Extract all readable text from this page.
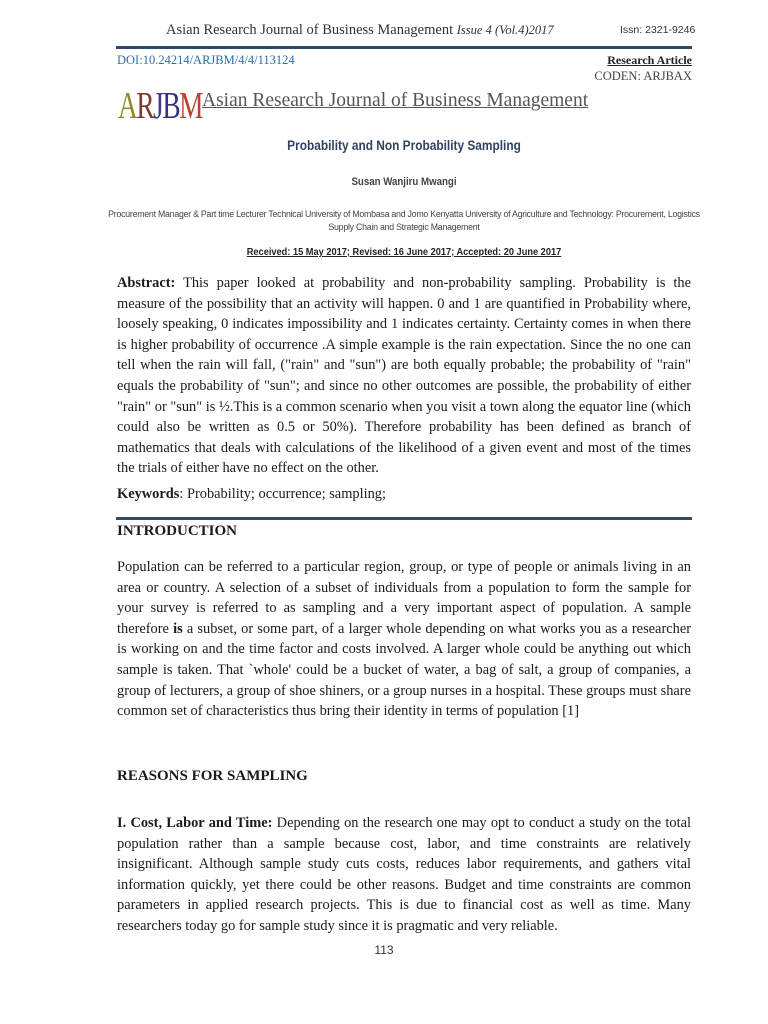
Asian Research Journal of Business Management Issue 4 (Vol.4)2017	Issn: 2321-9246
DOI:10.24214/ARJBM/4/4/113124	Research Article
CODEN: ARJBAX
ARJBM Asian Research Journal of Business Management
Probability and Non Probability Sampling
Susan Wanjiru Mwangi
Procurement Manager & Part time Lecturer Technical University of Mombasa and Jomo Kenyatta University of Agriculture and Technology: Procurement, Logistics Supply Chain and Strategic Management
Received: 15 May 2017; Revised: 16 June 2017; Accepted: 20 June 2017
Abstract: This paper looked at probability and non-probability sampling. Probability is the measure of the possibility that an activity will happen. 0 and 1 are quantified in Probability where, loosely speaking, 0 indicates impossibility and 1 indicates certainty. Certainty comes in when there is higher probability of occurrence .A simple example is the rain expectation. Since the no one can tell when the rain will fall, ("rain" and "sun") are both equally probable; the probability of "rain" equals the probability of "sun"; and since no other outcomes are possible, the probability of either "rain" or "sun" is ½.This is a common scenario when you visit a town along the equator line (which could also be written as 0.5 or 50%). Therefore probability has been defined as branch of mathematics that deals with calculations of the likelihood of a given event and most of the times the trials of either have no effect on the other.
Keywords: Probability; occurrence; sampling;
INTRODUCTION
Population can be referred to a particular region, group, or type of people or animals living in an area or country. A selection of a subset of individuals from a population to form the sample for your survey is referred to as sampling and a very important aspect of population. A sample therefore is a subset, or some part, of a larger whole depending on what works you as a researcher is working on and the time factor and costs involved. A larger whole could be anything out which sample is taken. That `whole' could be a bucket of water, a bag of salt, a group of companies, a group of lecturers, a group of shoe shiners, or a group nurses in a hospital. These groups must share common set of characteristics thus bring their identity in terms of population [1]
REASONS FOR SAMPLING
I. Cost, Labor and Time: Depending on the research one may opt to conduct a study on the total population rather than a sample because cost, labor, and time constraints are relatively insignificant. Although sample study cuts costs, reduces labor requirements, and gathers vital information quickly, yet there could be other reasons. Budget and time constraints are common parameters in applied research projects. This is due to financial cost as well as time. Many researchers today go for sample study since it is pragmatic and very reliable.
113
